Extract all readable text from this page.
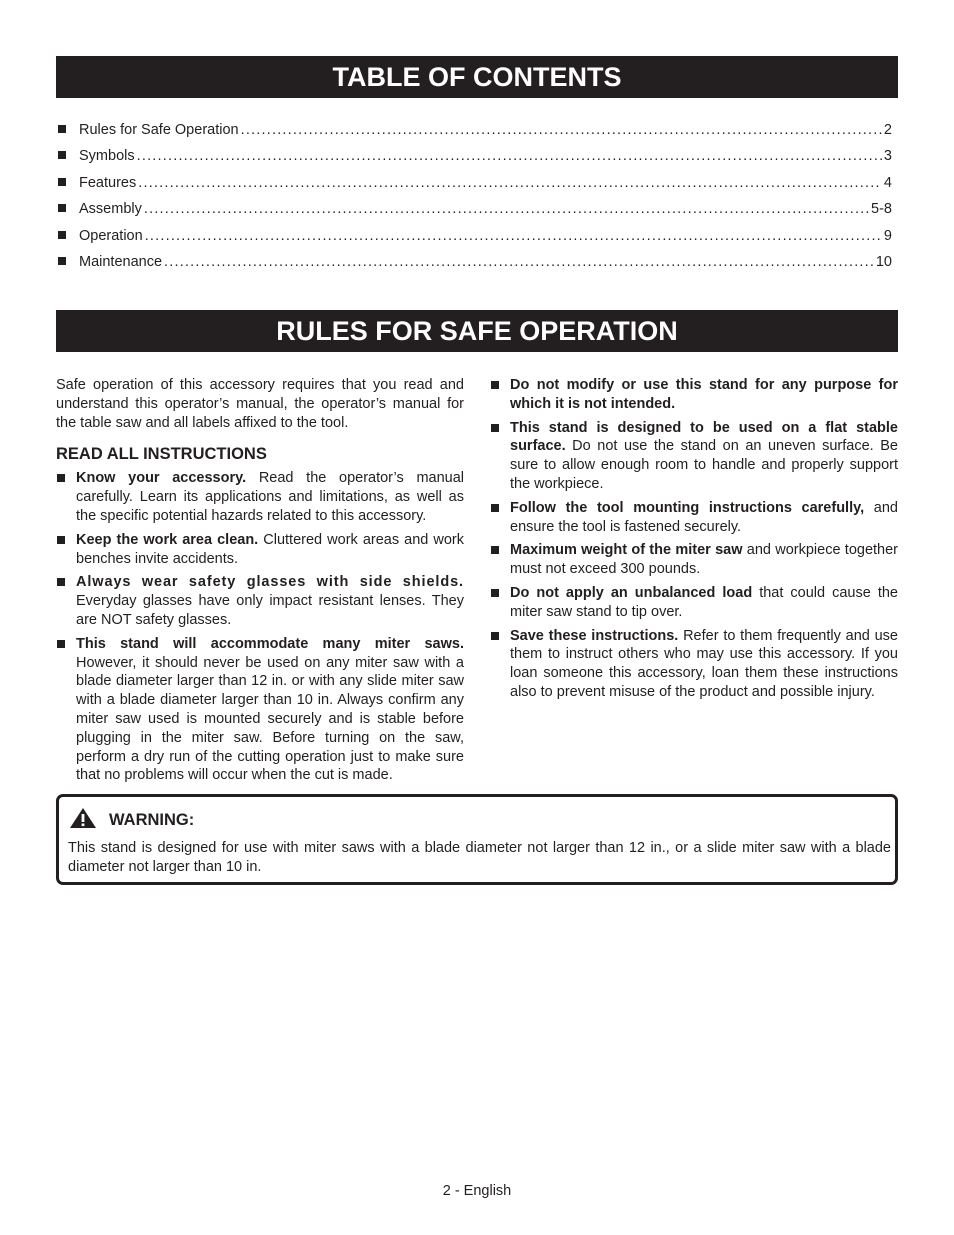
TABLE OF CONTENTS
Rules for Safe Operation .....	2
Symbols .....	3
Features .....	4
Assembly .....	5-8
Operation .....	9
Maintenance .....	10
RULES FOR SAFE OPERATION

Safe operation of this accessory requires that you read and understand this operator’s manual, the operator’s manual for the table saw and all labels affixed to the tool.

READ ALL INSTRUCTIONS
Know your accessory. Read the operator’s manual carefully. Learn its applications and limitations, as well as the specific potential hazards related to this accessory.
Keep the work area clean. Cluttered work areas and work benches invite accidents.
Always wear safety glasses with side shields. Everyday glasses have only impact resistant lenses. They are NOT safety glasses.
This stand will accommodate many miter saws. However, it should never be used on any miter saw with a blade diameter larger than 12 in. or with any slide miter saw with a blade diameter larger than 10 in. Always confirm any miter saw used is mounted securely and is stable before plugging in the miter saw. Before turning on the saw, perform a dry run of the cutting operation just to make sure that no problems will occur when the cut is made.
Do not modify or use this stand for any purpose for which it is not intended.
This stand is designed to be used on a flat stable surface. Do not use the stand on an uneven surface. Be sure to allow enough room to handle and properly support the workpiece.
Follow the tool mounting instructions carefully, and ensure the tool is fastened securely.
Maximum weight of the miter saw and workpiece together must not exceed 300 pounds.
Do not apply an unbalanced load that could cause the miter saw stand to tip over.
Save these instructions. Refer to them frequently and use them to instruct others who may use this accessory. If you loan someone this accessory, loan them these instructions also to prevent misuse of the product and possible injury.
WARNING:
This stand is designed for use with miter saws with a blade diameter not larger than 12 in., or a slide miter saw with a blade diameter not larger than 10 in.
2 - English
